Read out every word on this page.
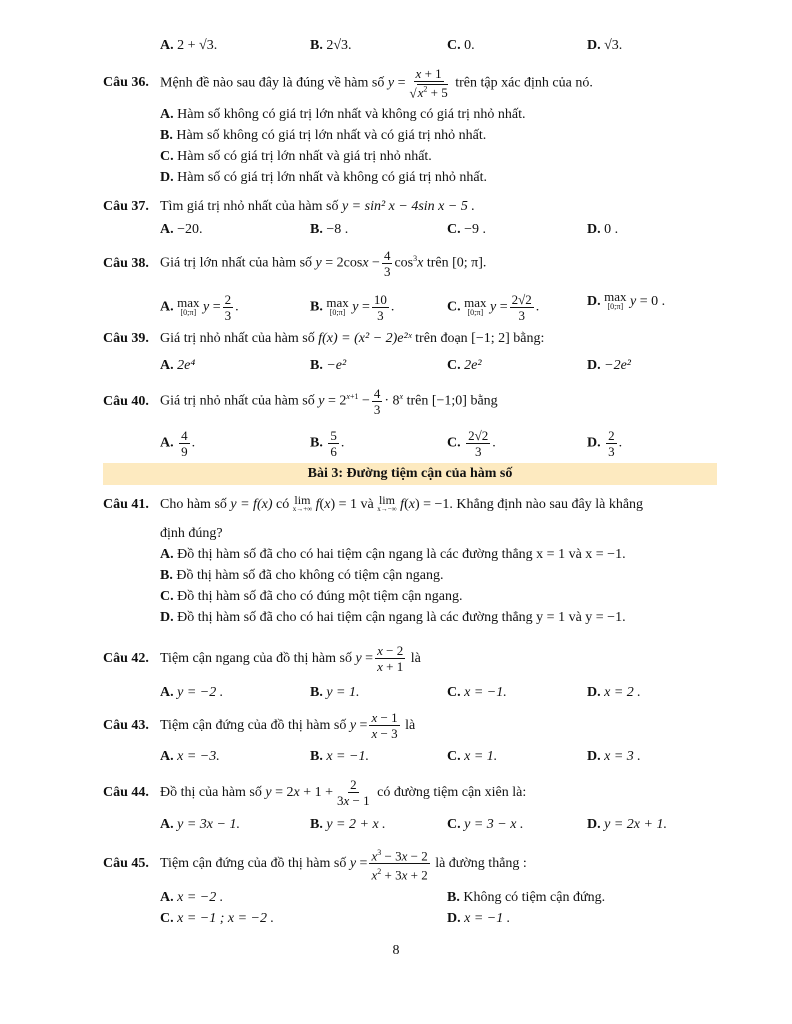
A. 2 + √3.	B. 2√3.	C. 0.	D. √3.
Câu 36. Mệnh đề nào sau đây là đúng về hàm số $y = \frac{x + 1}{√x^2 + 5}$ trên tập xác định của nó.
A. Hàm số không có giá trị lớn nhất và không có giá trị nhỏ nhất.
B. Hàm số không có giá trị lớn nhất và có giá trị nhỏ nhất.
C. Hàm số có giá trị lớn nhất và giá trị nhỏ nhất.
D. Hàm số có giá trị lớn nhất và không có giá trị nhỏ nhất.
Câu 37. Tìm giá trị nhỏ nhất của hàm số y = sin² x − 4sin x − 5 .
A. −20.	B. −8 .	C. −9 .	D. 0 .
Câu 38. Giá trị lớn nhất của hàm số $y = 2\cos x - \frac{4}{3} \cos^3x$ trên [0; π].
A. max
[0;π] $y = \frac{2}{3}$ .	B. max
[0;π] $y = \frac{10}{3}$ .	C. max
[0;π] $y = \frac{2√2}{3}$ .	D. max
[0;π] y = 0 .
Câu 39. Giá trị nhỏ nhất của hàm số f(x) = (x² − 2)e²ˣ trên đoạn [−1; 2] bằng:
A. 2e⁴	B. −e²	C. 2e²	D. −2e²
Câu 40. Giá trị nhỏ nhất của hàm số $y = 2^{x+1} - \frac{4}{3} \cdot 8^x$ trên [−1;0] bằng
A. $\frac{4}{9}$ .	B. $\frac{5}{6}$ .	C. $\frac{2√2}{3}$ .	D. $\frac{2}{3}$ .
Bài 3: Đường tiệm cận của hàm số
Câu 41. Cho hàm số y = f(x) có lim
x→+∞ f(x) = 1 và lim
x→−∞ f(x) = −1. Khẳng định nào sau đây là khẳng
định đúng?
A. Đồ thị hàm số đã cho có hai tiệm cận ngang là các đường thẳng x = 1 và x = −1.
B. Đồ thị hàm số đã cho không có tiệm cận ngang.
C. Đồ thị hàm số đã cho có đúng một tiệm cận ngang.
D. Đồ thị hàm số đã cho có hai tiệm cận ngang là các đường thẳng y = 1 và y = −1.
Câu 42. Tiệm cận ngang của đồ thị hàm số $y = \frac{x - 2}{x + 1}$ là
A. y = −2 .	B. y = 1.	C. x = −1.	D. x = 2 .
Câu 43. Tiệm cận đứng của đồ thị hàm số $y = \frac{x - 1}{x - 3}$ là
A. x = −3.	B. x = −1.	C. x = 1.	D. x = 3 .
Câu 44. Đồ thị của hàm số $y = 2x + 1 + \frac{2}{3x - 1}$ có đường tiệm cận xiên là:
A. y = 3x − 1.	B. y = 2 + x .	C. y = 3 − x .	D. y = 2x + 1.
Câu 45. Tiệm cận đứng của đồ thị hàm số $y = \frac{x^3 - 3x - 2}{x^2 + 3x + 2}$ là đường thẳng :
A. x = −2 .	B. Không có tiệm cận đứng.
C. x = −1 ; x = −2 .	D. x = −1 .
8
